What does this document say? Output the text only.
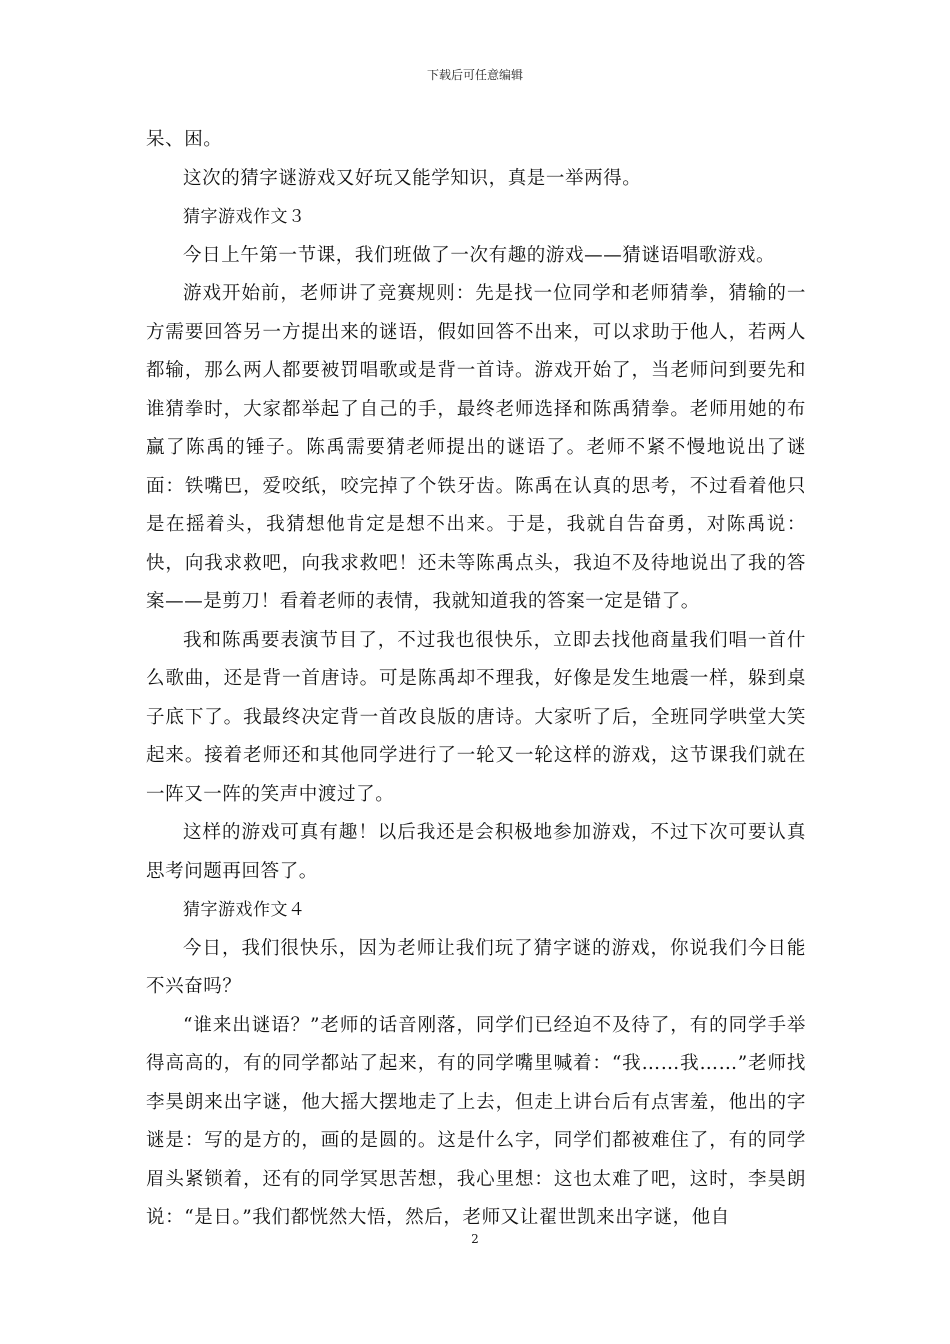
下载后可任意编辑

呆、困。

这次的猜字谜游戏又好玩又能学知识，真是一举两得。

猜字游戏作文３

今日上午第一节课，我们班做了一次有趣的游戏——猜谜语唱歌游戏。

游戏开始前，老师讲了竞赛规则：先是找一位同学和老师猜拳，猜输的一方需要回答另一方提出来的谜语，假如回答不出来，可以求助于他人，若两人都输，那么两人都要被罚唱歌或是背一首诗。游戏开始了，当老师问到要先和谁猜拳时，大家都举起了自己的手，最终老师选择和陈禹猜拳。老师用她的布赢了陈禹的锤子。陈禹需要猜老师提出的谜语了。老师不紧不慢地说出了谜面：铁嘴巴，爱咬纸，咬完掉了个铁牙齿。陈禹在认真的思考，不过看着他只是在摇着头，我猜想他肯定是想不出来。于是，我就自告奋勇，对陈禹说：快，向我求救吧，向我求救吧！还未等陈禹点头，我迫不及待地说出了我的答案——是剪刀！看着老师的表情，我就知道我的答案一定是错了。

我和陈禹要表演节目了，不过我也很快乐，立即去找他商量我们唱一首什么歌曲，还是背一首唐诗。可是陈禹却不理我，好像是发生地震一样，躲到桌子底下了。我最终决定背一首改良版的唐诗。大家听了后，全班同学哄堂大笑起来。接着老师还和其他同学进行了一轮又一轮这样的游戏，这节课我们就在一阵又一阵的笑声中渡过了。

这样的游戏可真有趣！以后我还是会积极地参加游戏，不过下次可要认真思考问题再回答了。

猜字游戏作文４

今日，我们很快乐，因为老师让我们玩了猜字谜的游戏，你说我们今日能不兴奋吗？

“谁来出谜语？”老师的话音刚落，同学们已经迫不及待了，有的同学手举得高高的，有的同学都站了起来，有的同学嘴里喊着：“我……我……”老师找李昊朗来出字谜，他大摇大摆地走了上去，但走上讲台后有点害羞，他出的字谜是：写的是方的，画的是圆的。这是什么字，同学们都被难住了，有的同学眉头紧锁着，还有的同学冥思苦想，我心里想：这也太难了吧，这时，李昊朗说：“是日。”我们都恍然大悟，然后，老师又让翟世凯来出字谜，他自

2
